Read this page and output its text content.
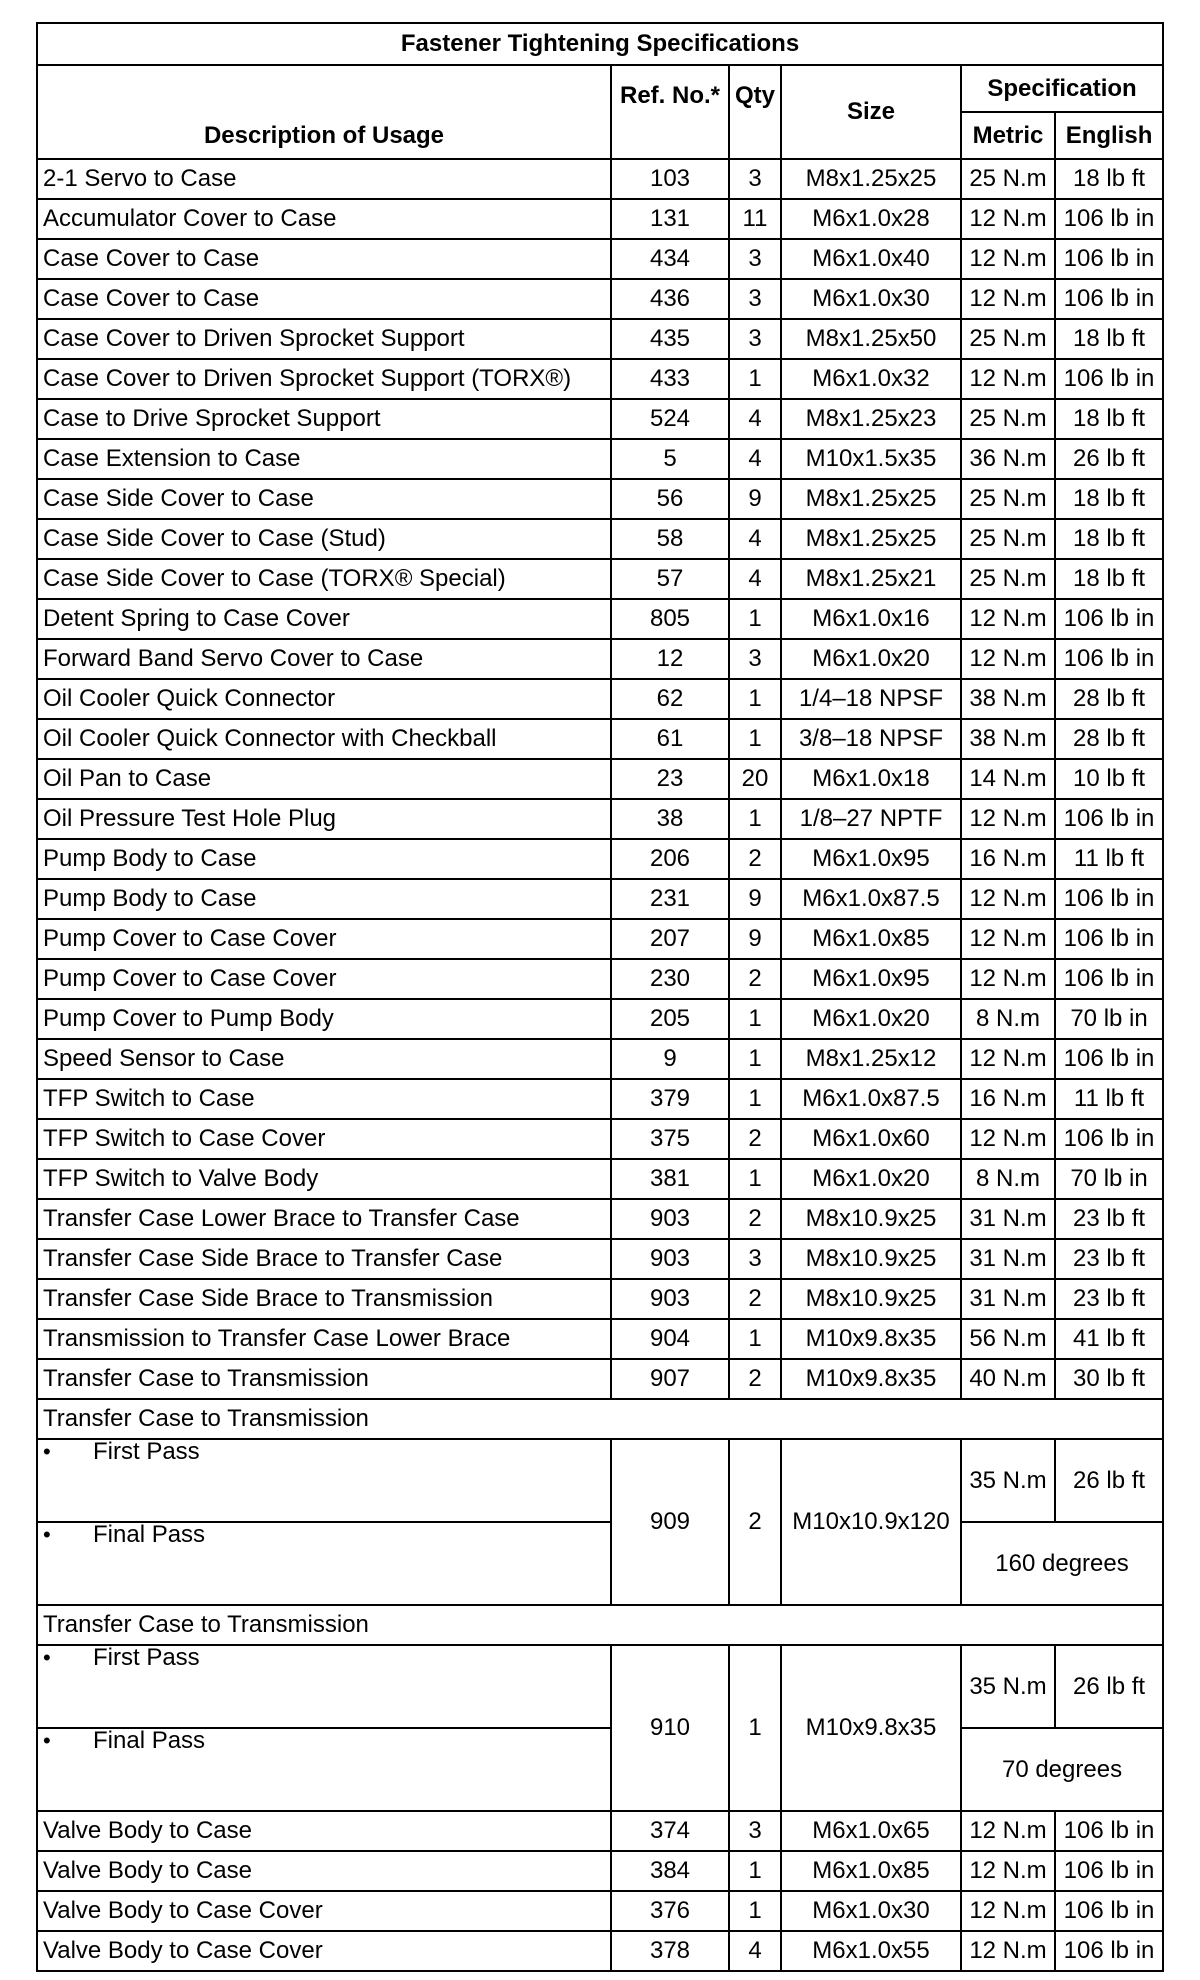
Fastener Tightening Specifications					
Description of Usage	Ref. No.*	Qty	Size	Specification	
				Metric	English
2-1 Servo to Case	103	3	M8x1.25x25	25 N.m	18 lb ft
Accumulator Cover to Case	131	11	M6x1.0x28	12 N.m	106 lb in
Case Cover to Case	434	3	M6x1.0x40	12 N.m	106 lb in
Case Cover to Case	436	3	M6x1.0x30	12 N.m	106 lb in
Case Cover to Driven Sprocket Support	435	3	M8x1.25x50	25 N.m	18 lb ft
Case Cover to Driven Sprocket Support (TORX®)	433	1	M6x1.0x32	12 N.m	106 lb in
Case to Drive Sprocket Support	524	4	M8x1.25x23	25 N.m	18 lb ft
Case Extension to Case	5	4	M10x1.5x35	36 N.m	26 lb ft
Case Side Cover to Case	56	9	M8x1.25x25	25 N.m	18 lb ft
Case Side Cover to Case (Stud)	58	4	M8x1.25x25	25 N.m	18 lb ft
Case Side Cover to Case (TORX® Special)	57	4	M8x1.25x21	25 N.m	18 lb ft
Detent Spring to Case Cover	805	1	M6x1.0x16	12 N.m	106 lb in
Forward Band Servo Cover to Case	12	3	M6x1.0x20	12 N.m	106 lb in
Oil Cooler Quick Connector	62	1	1/4–18 NPSF	38 N.m	28 lb ft
Oil Cooler Quick Connector with Checkball	61	1	3/8–18 NPSF	38 N.m	28 lb ft
Oil Pan to Case	23	20	M6x1.0x18	14 N.m	10 lb ft
Oil Pressure Test Hole Plug	38	1	1/8–27 NPTF	12 N.m	106 lb in
Pump Body to Case	206	2	M6x1.0x95	16 N.m	11 lb ft
Pump Body to Case	231	9	M6x1.0x87.5	12 N.m	106 lb in
Pump Cover to Case Cover	207	9	M6x1.0x85	12 N.m	106 lb in
Pump Cover to Case Cover	230	2	M6x1.0x95	12 N.m	106 lb in
Pump Cover to Pump Body	205	1	M6x1.0x20	8 N.m	70 lb in
Speed Sensor to Case	9	1	M8x1.25x12	12 N.m	106 lb in
TFP Switch to Case	379	1	M6x1.0x87.5	16 N.m	11 lb ft
TFP Switch to Case Cover	375	2	M6x1.0x60	12 N.m	106 lb in
TFP Switch to Valve Body	381	1	M6x1.0x20	8 N.m	70 lb in
Transfer Case Lower Brace to Transfer Case	903	2	M8x10.9x25	31 N.m	23 lb ft
Transfer Case Side Brace to Transfer Case	903	3	M8x10.9x25	31 N.m	23 lb ft
Transfer Case Side Brace to Transmission	903	2	M8x10.9x25	31 N.m	23 lb ft
Transmission to Transfer Case Lower Brace	904	1	M10x9.8x35	56 N.m	41 lb ft
Transfer Case to Transmission	907	2	M10x9.8x35	40 N.m	30 lb ft
Transfer Case to Transmission					
• First Pass	909	2	M10x10.9x120	35 N.m	26 lb ft
• Final Pass				160 degrees	
Transfer Case to Transmission					
• First Pass	910	1	M10x9.8x35	35 N.m	26 lb ft
• Final Pass				70 degrees	
Valve Body to Case	374	3	M6x1.0x65	12 N.m	106 lb in
Valve Body to Case	384	1	M6x1.0x85	12 N.m	106 lb in
Valve Body to Case Cover	376	1	M6x1.0x30	12 N.m	106 lb in
Valve Body to Case Cover	378	4	M6x1.0x55	12 N.m	106 lb in
